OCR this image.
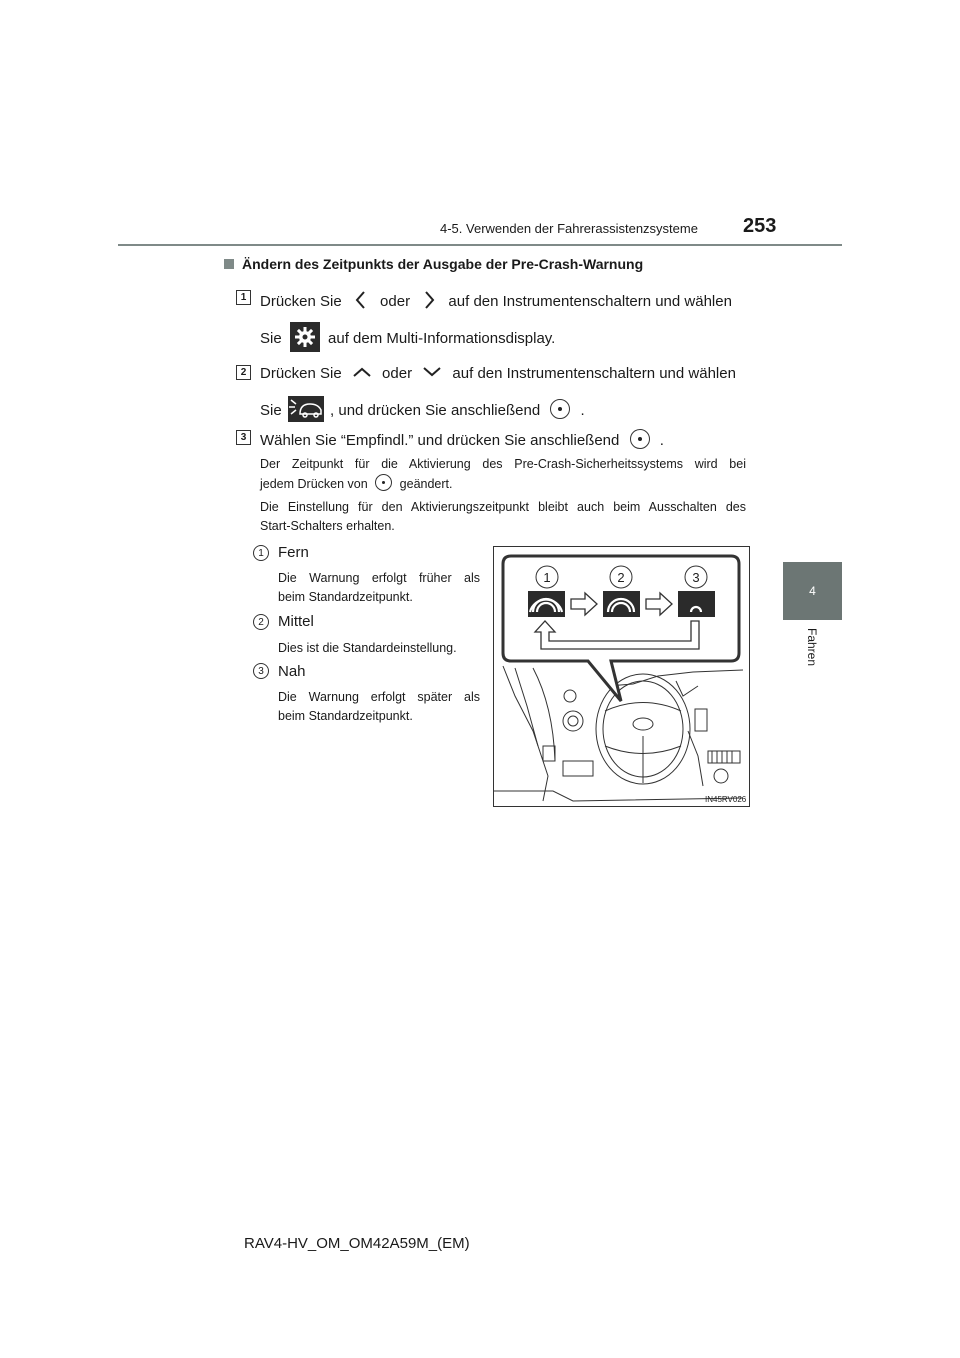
4-5. Verwenden der Fahrerassistenzsysteme 253
4
Fahren
Ändern des Zeitpunkts der Ausgabe der Pre-Crash-Warnung
1 Drücken Sie	oder	auf den Instrumentenschaltern und wählen
Sie	auf dem Multi-Informationsdisplay.
2 Drücken Sie	oder	auf den Instrumentenschaltern und wählen
Sie	, und drücken Sie anschließend	.
3 Wählen Sie “Empfindl.” und drücken Sie anschließend	.
Der Zeitpunkt für die Aktivierung des Pre-Crash-Sicherheitssystems wird bei
jedem Drücken von	geändert.
Die Einstellung für den Aktivierungszeitpunkt bleibt auch beim Ausschalten des
Start-Schalters erhalten.
1 Fern
Die Warnung erfolgt früher als
beim Standardzeitpunkt.
2 Mittel
Dies ist die Standardeinstellung.
3 Nah
Die Warnung erfolgt später als
beim Standardzeitpunkt.
1	2	3
IN45RV026
RAV4-HV_OM_OM42A59M_(EM)
